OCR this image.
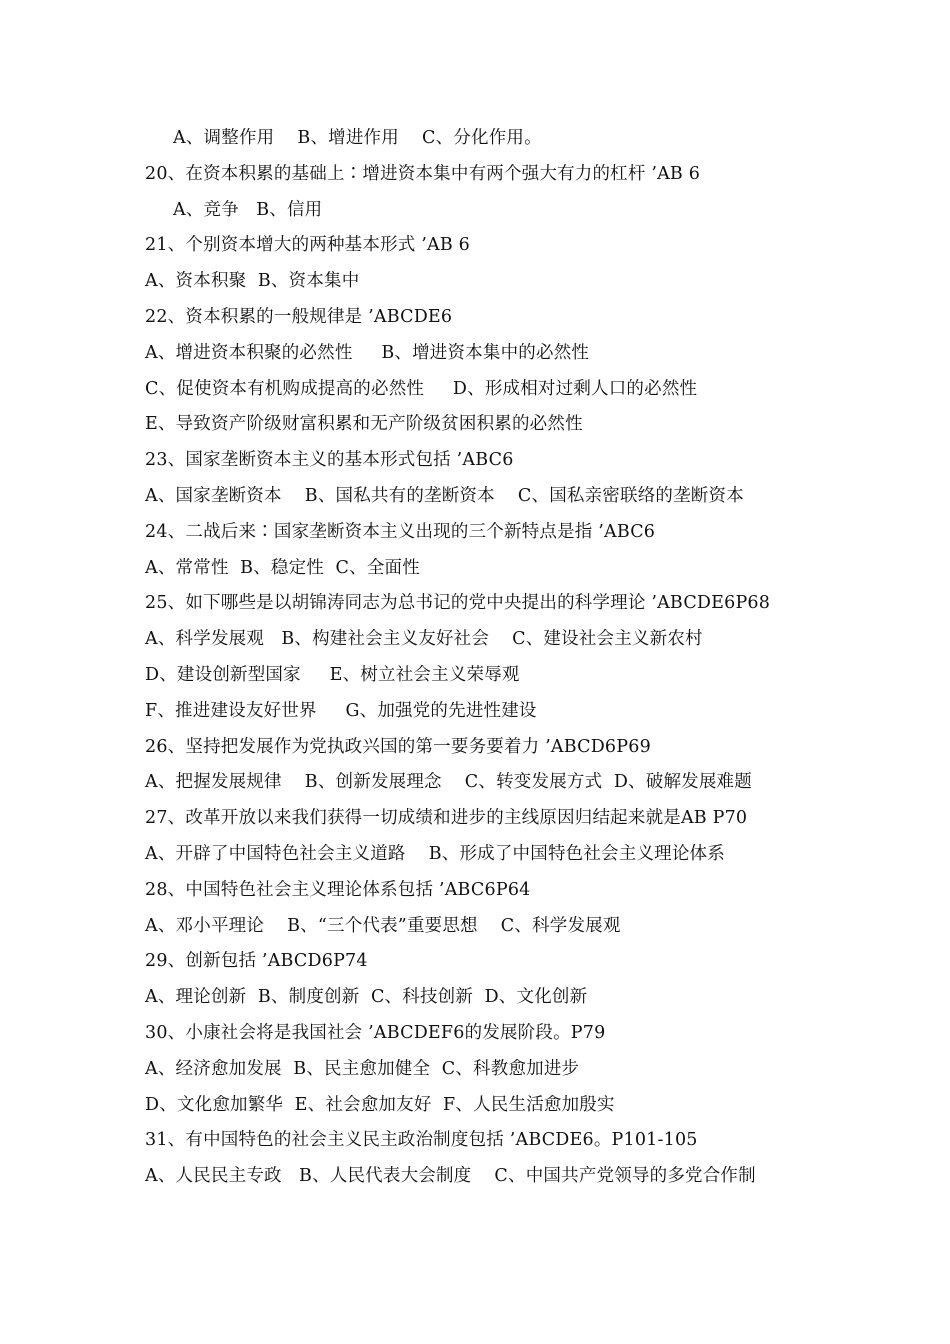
A、调整作用    B、增进作用    C、分化作用。
20、在资本积累的基础上∶增进资本集中有两个强大有力的杠杆 ’AB 6
A、竞争   B、信用
21、个别资本增大的两种基本形式 ’AB 6
A、资本积聚  B、资本集中
22、资本积累的一般规律是 ’ABCDE6
A、增进资本积聚的必然性     B、增进资本集中的必然性
C、促使资本有机购成提高的必然性     D、形成相对过剩人口的必然性
E、导致资产阶级财富积累和无产阶级贫困积累的必然性
23、国家垄断资本主义的基本形式包括 ’ABC6
A、国家垄断资本    B、国私共有的垄断资本    C、国私亲密联络的垄断资本
24、二战后来∶国家垄断资本主义出现的三个新特点是指 ’ABC6
A、常常性  B、稳定性  C、全面性
25、如下哪些是以胡锦涛同志为总书记的党中央提出的科学理论 ’ABCDE6P68
A、科学发展观   B、构建社会主义友好社会    C、建设社会主义新农村
D、建设创新型国家     E、树立社会主义荣辱观
F、推进建设友好世界     G、加强党的先进性建设
26、坚持把发展作为党执政兴国的第一要务要着力 ’ABCD6P69
A、把握发展规律    B、创新发展理念    C、转变发展方式  D、破解发展难题
27、改革开放以来我们获得一切成绩和进步的主线原因归结起来就是AB P70
A、开辟了中国特色社会主义道路    B、形成了中国特色社会主义理论体系
28、中国特色社会主义理论体系包括 ’ABC6P64
A、邓小平理论    B、“三个代表”重要思想    C、科学发展观
29、创新包括 ’ABCD6P74
A、理论创新  B、制度创新  C、科技创新  D、文化创新
30、小康社会将是我国社会 ’ABCDEF6的发展阶段。P79
A、经济愈加发展  B、民主愈加健全  C、科教愈加进步
D、文化愈加繁华  E、社会愈加友好  F、人民生活愈加殷实
31、有中国特色的社会主义民主政治制度包括 ’ABCDE6。P101-105
A、人民民主专政   B、人民代表大会制度    C、中国共产党领导的多党合作制
